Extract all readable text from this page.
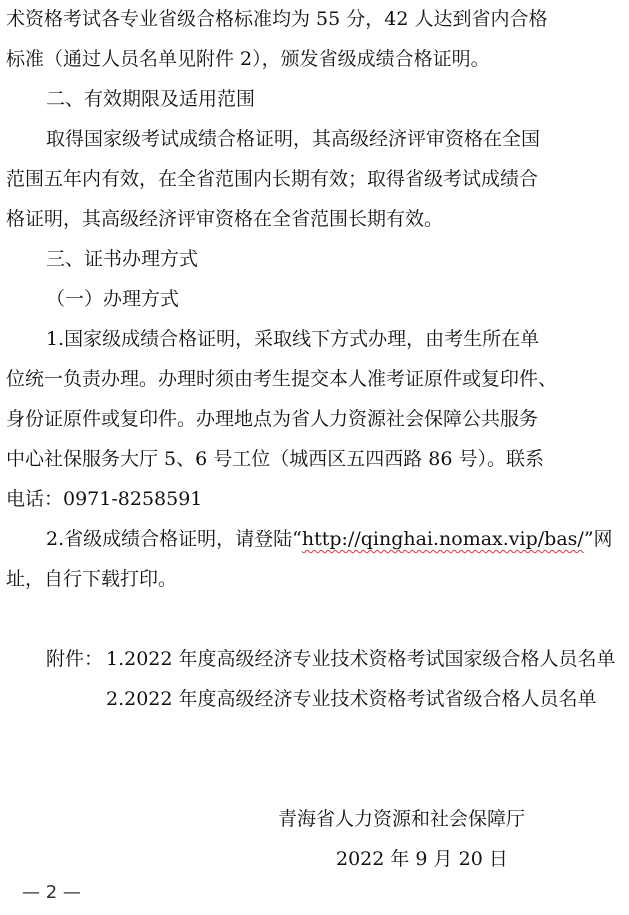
术资格考试各专业省级合格标准均为 55 分，42 人达到省内合格
标准（通过人员名单见附件 2），颁发省级成绩合格证明。
二、有效期限及适用范围
取得国家级考试成绩合格证明，其高级经济评审资格在全国
范围五年内有效，在全省范围内长期有效；取得省级考试成绩合
格证明，其高级经济评审资格在全省范围长期有效。
三、证书办理方式
（一）办理方式
1.国家级成绩合格证明，采取线下方式办理，由考生所在单
位统一负责办理。办理时须由考生提交本人准考证原件或复印件、
身份证原件或复印件。办理地点为省人力资源社会保障公共服务
中心社保服务大厅 5、6 号工位（城西区五四西路 86 号）。联系
电话：0971-8258591
2.省级成绩合格证明，请登陆“http://qinghai.nomax.vip/bas/”网
址，自行下载打印。
附件： 1.2022 年度高级经济专业技术资格考试国家级合格人员名单
2.2022 年度高级经济专业技术资格考试省级合格人员名单
青海省人力资源和社会保障厅
2022 年 9 月 20 日
— 2 —
